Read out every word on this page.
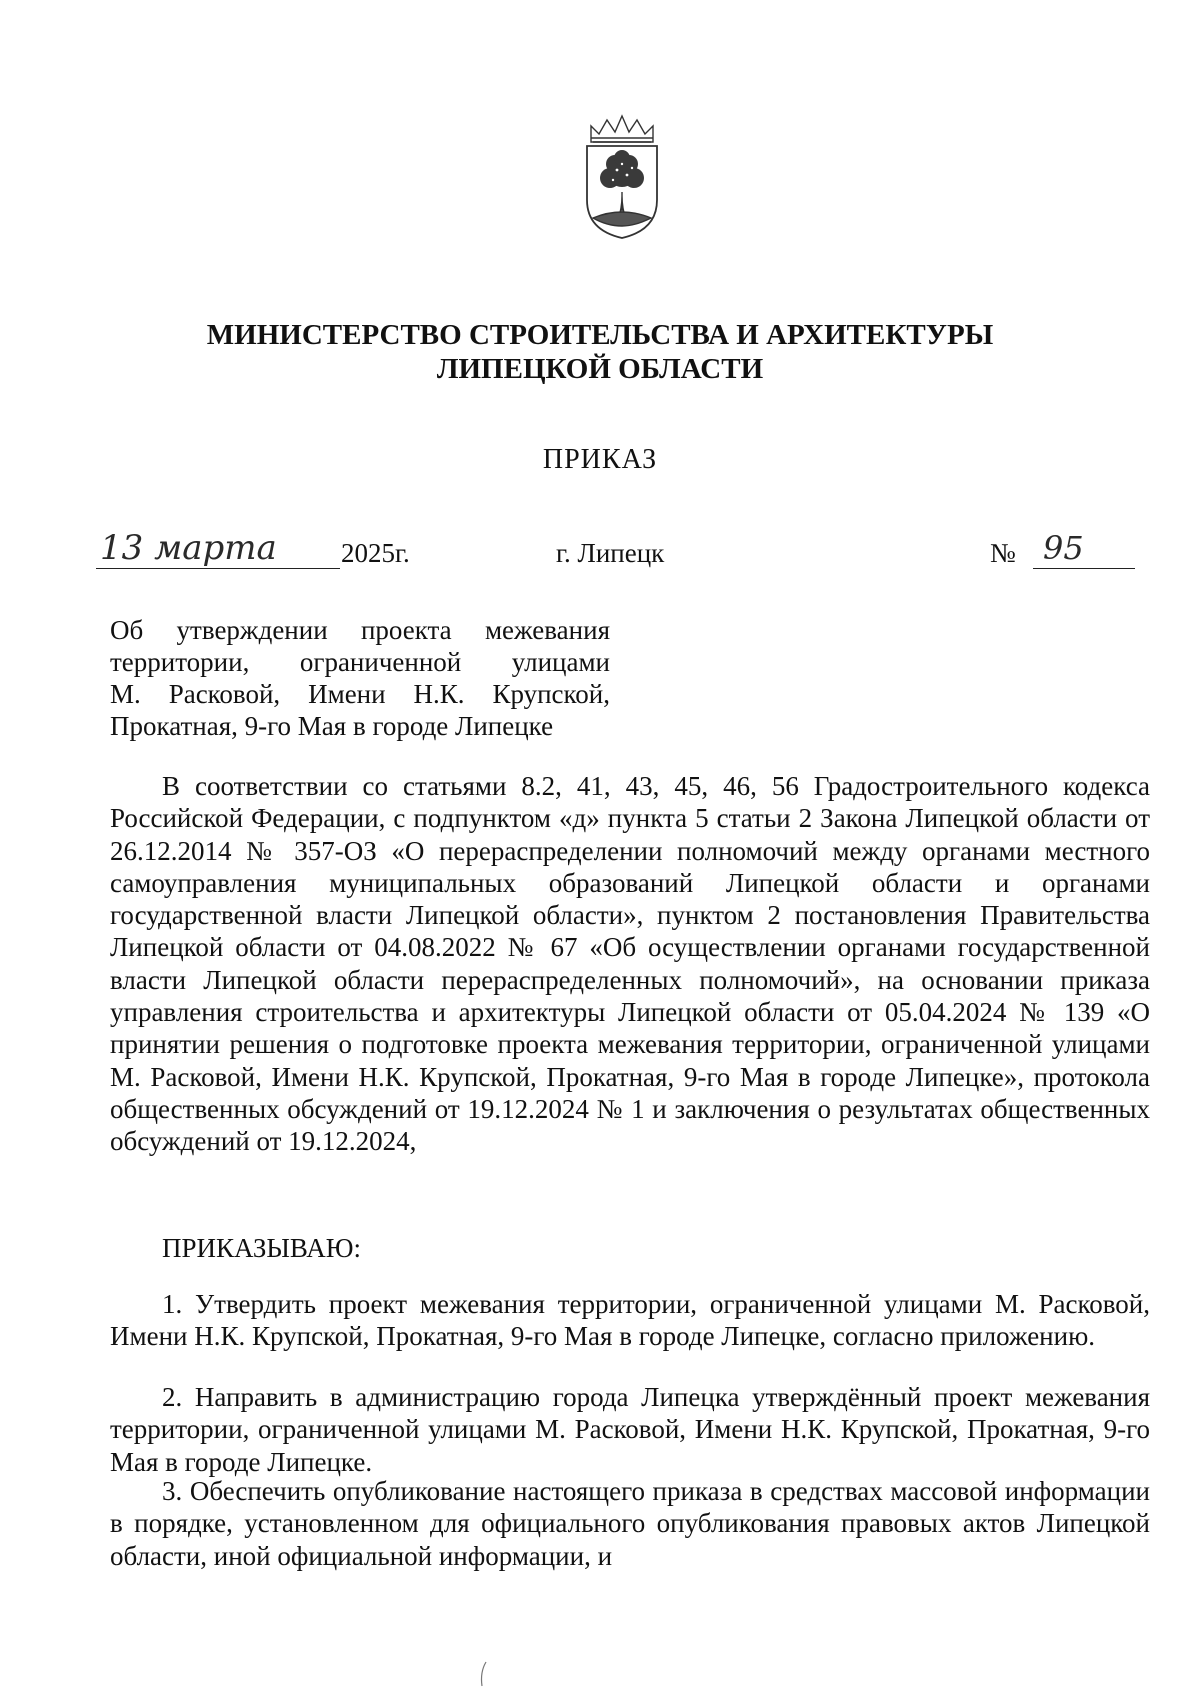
МИНИСТЕРСТВО СТРОИТЕЛЬСТВА И АРХИТЕКТУРЫ
ЛИПЕЦКОЙ ОБЛАСТИ
ПРИКАЗ
13 марта	2025г.	г. Липецк	№ 95
Об утверждении проекта межевания
территории, ограниченной улицами
М. Расковой, Имени Н.К. Крупской,
Прокатная, 9-го Мая в городе Липецке

В соответствии со статьями 8.2, 41, 43, 45, 46, 56 Градостроительного кодекса Российской Федерации, с подпунктом «д» пункта 5 статьи 2 Закона Липецкой области от 26.12.2014 № 357-ОЗ «О перераспределении полномочий между органами местного самоуправления муниципальных образований Липецкой области и органами государственной власти Липецкой области», пунктом 2 постановления Правительства Липецкой области от 04.08.2022 № 67 «Об осуществлении органами государственной власти Липецкой области перераспределенных полномочий», на основании приказа управления строительства и архитектуры Липецкой области от 05.04.2024 № 139 «О принятии решения о подготовке проекта межевания территории, ограниченной улицами М. Расковой, Имени Н.К. Крупской, Прокатная, 9-го Мая в городе Липецке», протокола общественных обсуждений от 19.12.2024 № 1 и заключения о результатах общественных обсуждений от 19.12.2024,

ПРИКАЗЫВАЮ:

1. Утвердить проект межевания территории, ограниченной улицами М. Расковой, Имени Н.К. Крупской, Прокатная, 9-го Мая в городе Липецке, согласно приложению.

2. Направить в администрацию города Липецка утверждённый проект межевания территории, ограниченной улицами М. Расковой, Имени Н.К. Крупской, Прокатная, 9-го Мая в городе Липецке.

3. Обеспечить опубликование настоящего приказа в средствах массовой информации в порядке, установленном для официального опубликования правовых актов Липецкой области, иной официальной информации, и
